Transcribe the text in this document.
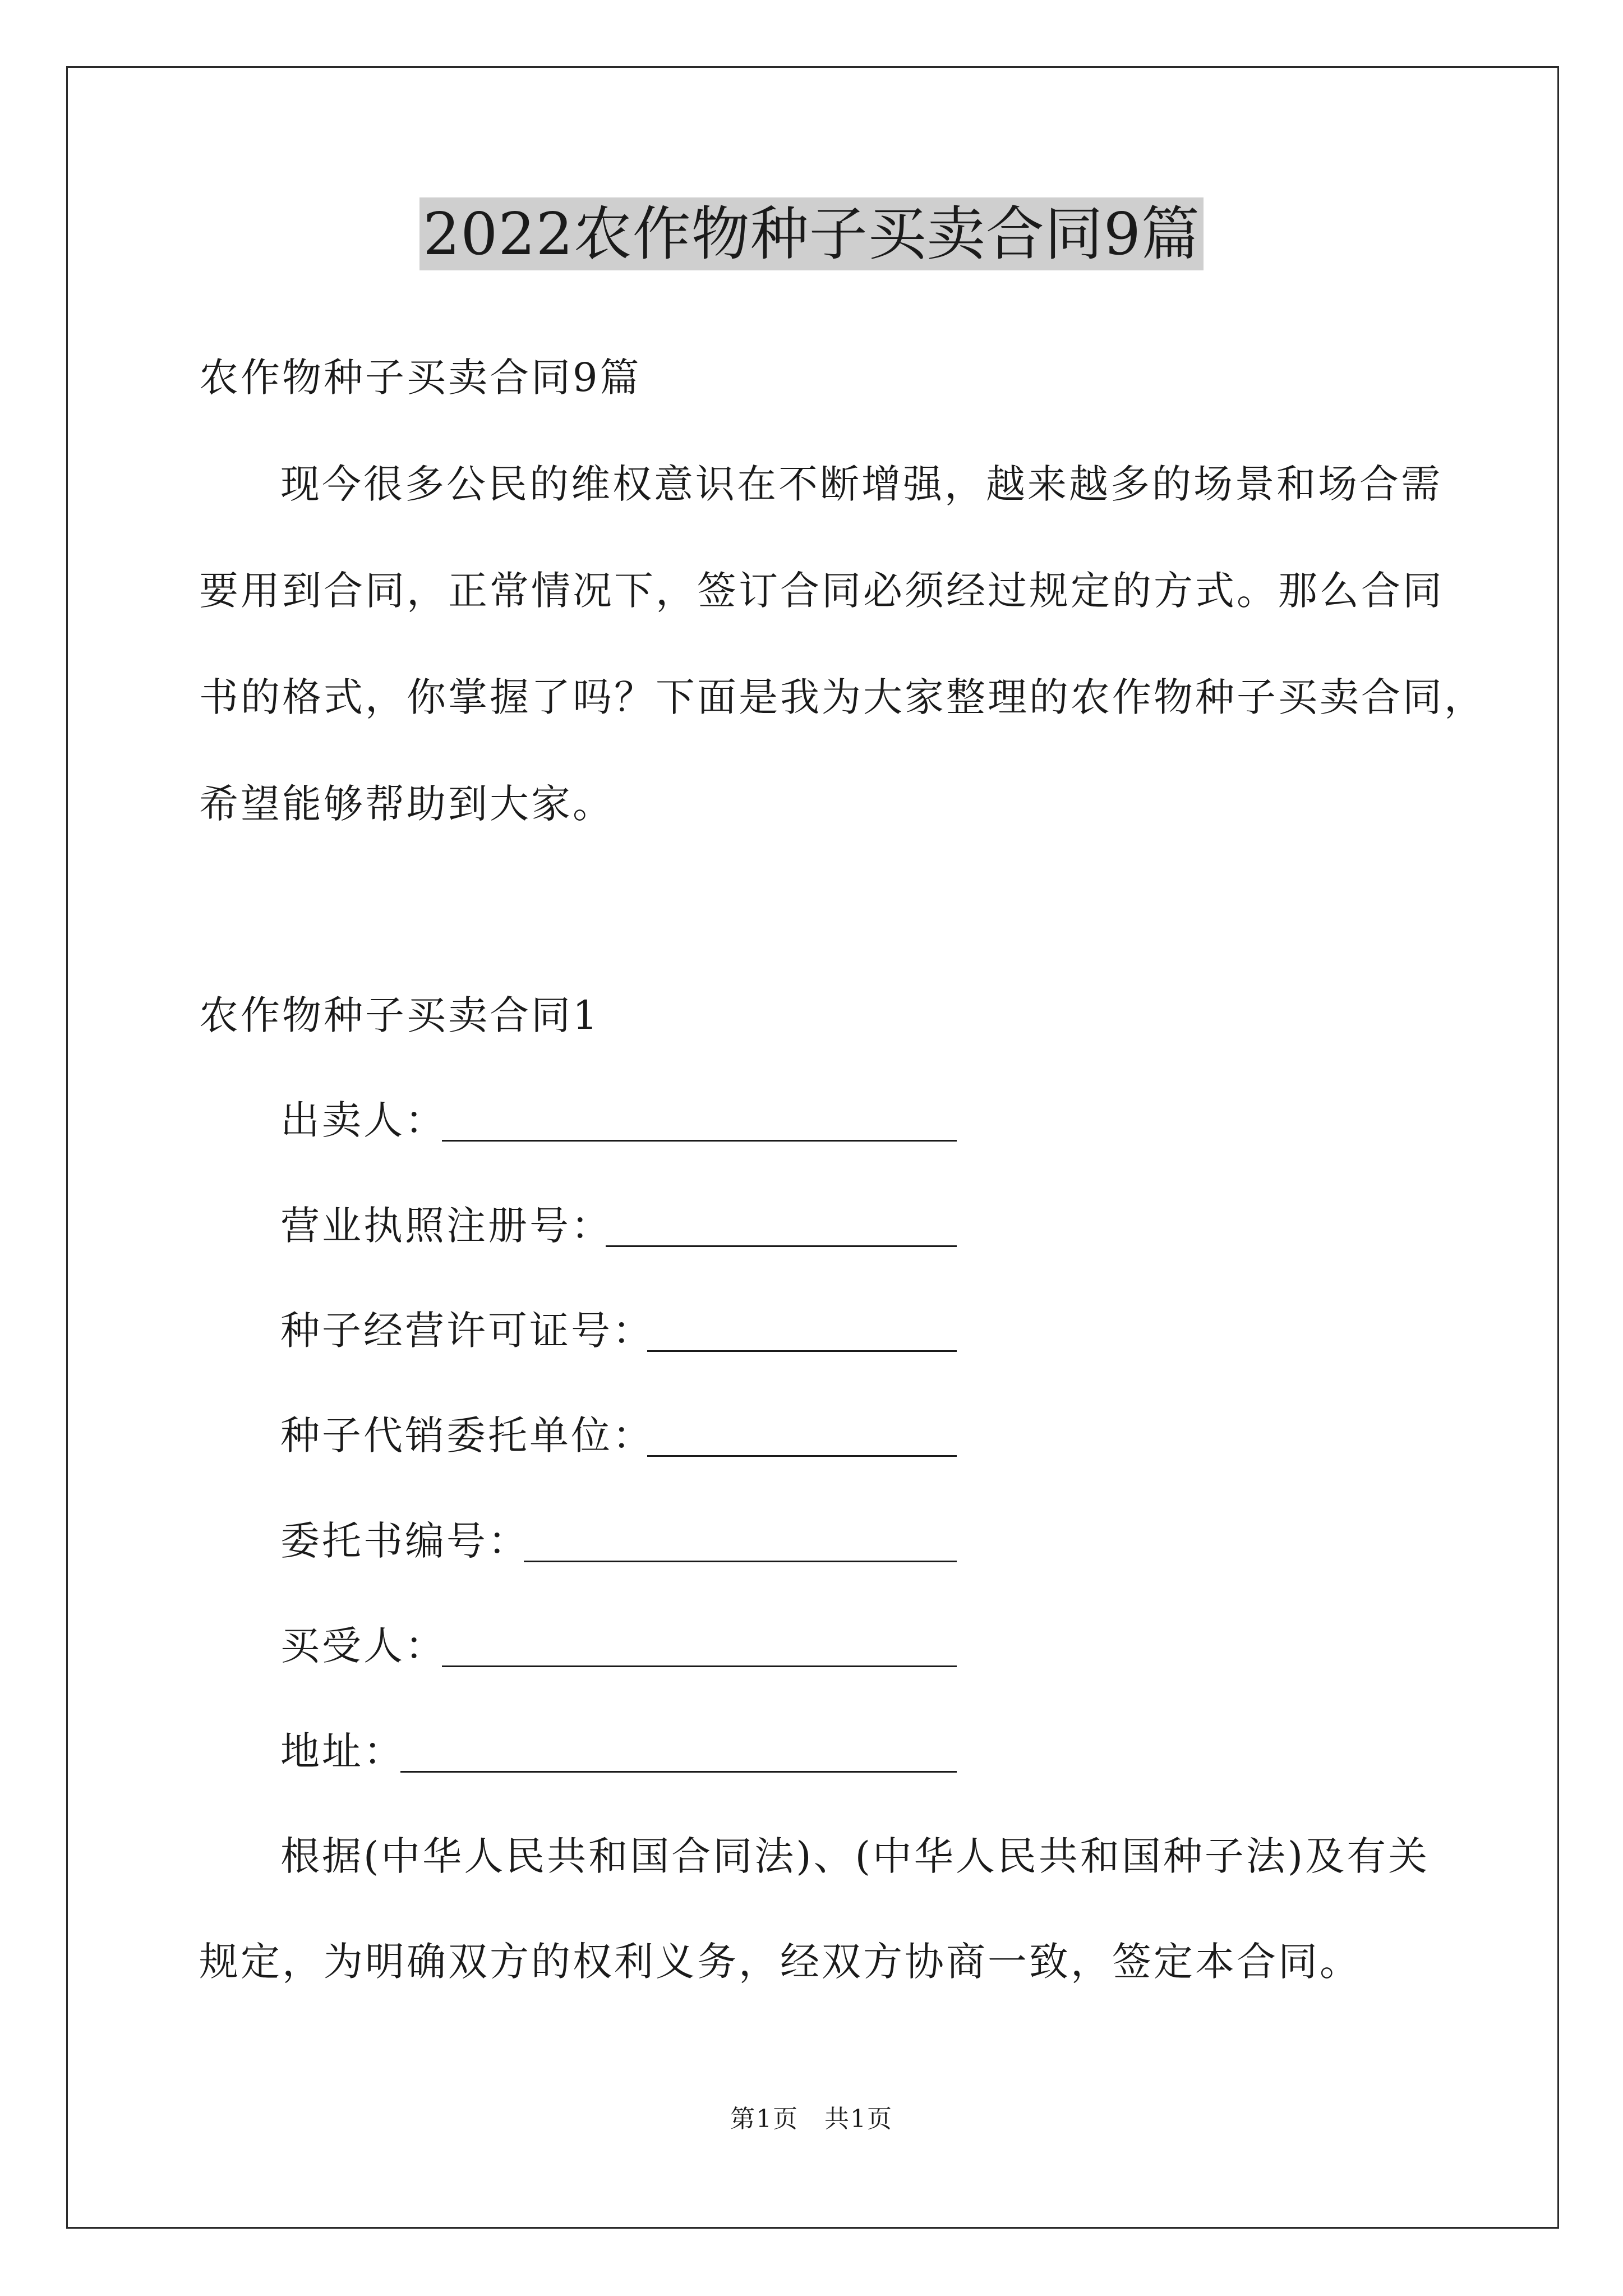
2022农作物种子买卖合同9篇
农作物种子买卖合同9篇
现今很多公民的维权意识在不断增强，越来越多的场景和场合需
要用到合同，正常情况下，签订合同必须经过规定的方式。那么合同
书的格式，你掌握了吗？下面是我为大家整理的农作物种子买卖合同，
希望能够帮助到大家。
农作物种子买卖合同1
出卖人：
营业执照注册号：
种子经营许可证号：
种子代销委托单位：
委托书编号：
买受人：
地址：
根据(中华人民共和国合同法)、(中华人民共和国种子法)及有关
规定，为明确双方的权利义务，经双方协商一致，签定本合同。
第1页　共1页
